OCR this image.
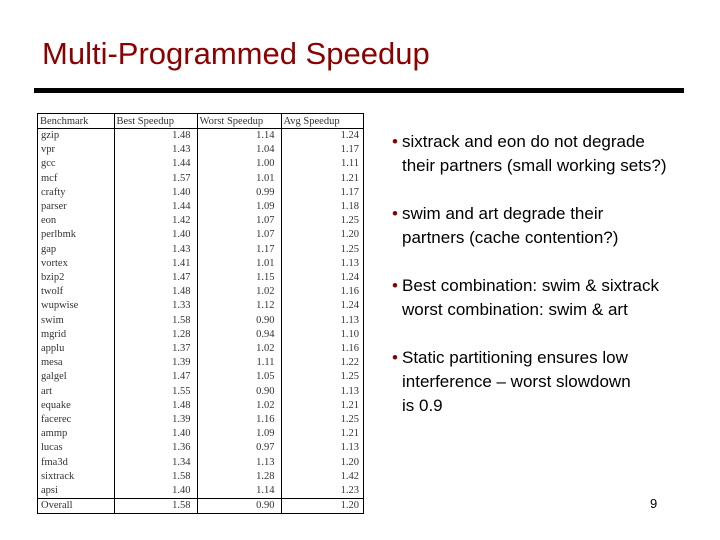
Multi-Programmed Speedup
Benchmark	Best Speedup	Worst Speedup	Avg Speedup
gzip	1.48	1.14	1.24
vpr	1.43	1.04	1.17
gcc	1.44	1.00	1.11
mcf	1.57	1.01	1.21
crafty	1.40	0.99	1.17
parser	1.44	1.09	1.18
eon	1.42	1.07	1.25
perlbmk	1.40	1.07	1.20
gap	1.43	1.17	1.25
vortex	1.41	1.01	1.13
bzip2	1.47	1.15	1.24
twolf	1.48	1.02	1.16
wupwise	1.33	1.12	1.24
swim	1.58	0.90	1.13
mgrid	1.28	0.94	1.10
applu	1.37	1.02	1.16
mesa	1.39	1.11	1.22
galgel	1.47	1.05	1.25
art	1.55	0.90	1.13
equake	1.48	1.02	1.21
facerec	1.39	1.16	1.25
ammp	1.40	1.09	1.21
lucas	1.36	0.97	1.13
fma3d	1.34	1.13	1.20
sixtrack	1.58	1.28	1.42
apsi	1.40	1.14	1.23
Overall	1.58	0.90	1.20
• sixtrack and eon do not degrade
their partners (small working sets?)
• swim and art degrade their
partners (cache contention?)
• Best combination: swim & sixtrack
worst combination: swim & art
• Static partitioning ensures low
interference – worst slowdown
is 0.9
9
